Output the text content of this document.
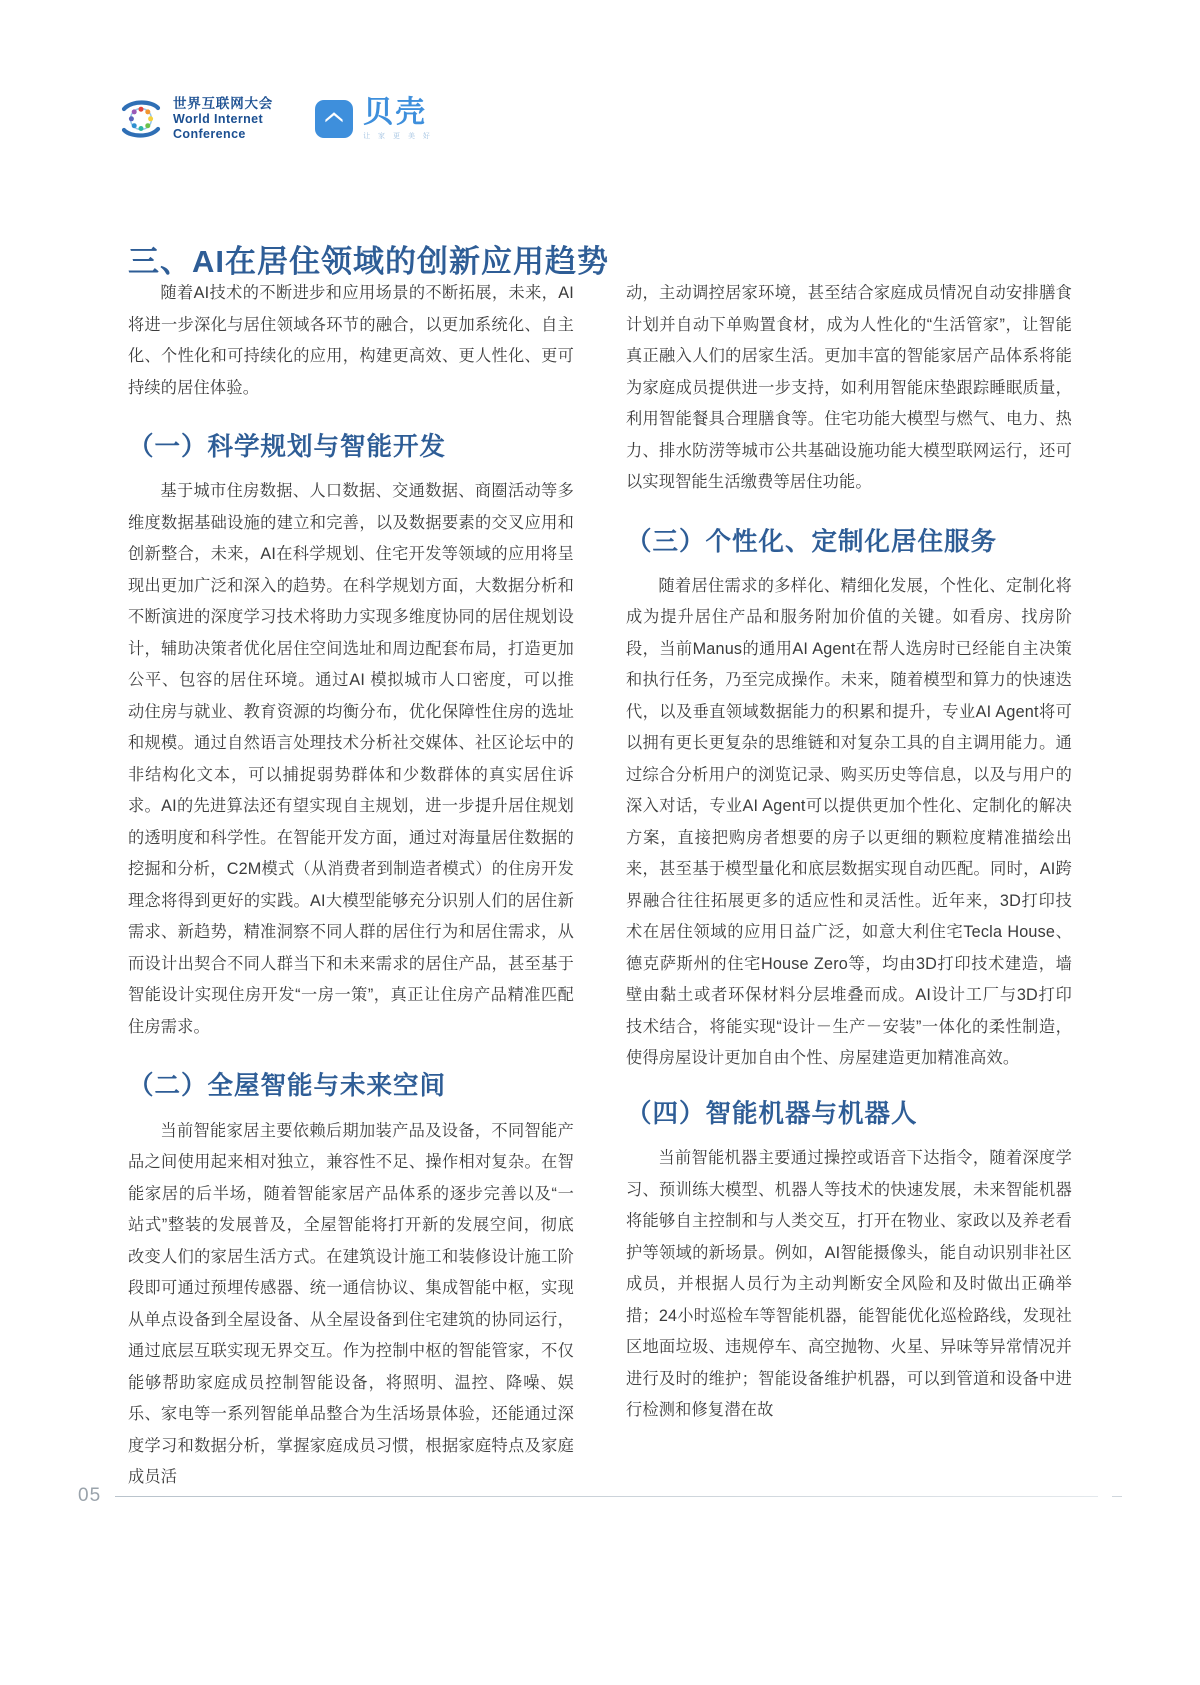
世界互联网大会
World Internet
Conference
贝壳
让 家 更 美 好
三、AI在居住领域的创新应用趋势

随着AI技术的不断进步和应用场景的不断拓展，未来，AI将进一步深化与居住领域各环节的融合，以更加系统化、自主化、个性化和可持续化的应用，构建更高效、更人性化、更可持续的居住体验。

（一）科学规划与智能开发

基于城市住房数据、人口数据、交通数据、商圈活动等多维度数据基础设施的建立和完善，以及数据要素的交叉应用和创新整合，未来，AI在科学规划、住宅开发等领域的应用将呈现出更加广泛和深入的趋势。在科学规划方面，大数据分析和不断演进的深度学习技术将助力实现多维度协同的居住规划设计，辅助决策者优化居住空间选址和周边配套布局，打造更加公平、包容的居住环境。通过AI 模拟城市人口密度，可以推动住房与就业、教育资源的均衡分布，优化保障性住房的选址和规模。通过自然语言处理技术分析社交媒体、社区论坛中的非结构化文本，可以捕捉弱势群体和少数群体的真实居住诉求。AI的先进算法还有望实现自主规划，进一步提升居住规划的透明度和科学性。在智能开发方面，通过对海量居住数据的挖掘和分析，C2M模式（从消费者到制造者模式）的住房开发理念将得到更好的实践。AI大模型能够充分识别人们的居住新需求、新趋势，精准洞察不同人群的居住行为和居住需求，从而设计出契合不同人群当下和未来需求的居住产品，甚至基于智能设计实现住房开发“一房一策”，真正让住房产品精准匹配住房需求。

（二）全屋智能与未来空间

当前智能家居主要依赖后期加装产品及设备，不同智能产品之间使用起来相对独立，兼容性不足、操作相对复杂。在智能家居的后半场，随着智能家居产品体系的逐步完善以及“一站式”整装的发展普及，全屋智能将打开新的发展空间，彻底改变人们的家居生活方式。在建筑设计施工和装修设计施工阶段即可通过预埋传感器、统一通信协议、集成智能中枢，实现从单点设备到全屋设备、从全屋设备到住宅建筑的协同运行，通过底层互联实现无界交互。作为控制中枢的智能管家，不仅能够帮助家庭成员控制智能设备，将照明、温控、降噪、娱乐、家电等一系列智能单品整合为生活场景体验，还能通过深度学习和数据分析，掌握家庭成员习惯，根据家庭特点及家庭成员活

动，主动调控居家环境，甚至结合家庭成员情况自动安排膳食计划并自动下单购置食材，成为人性化的“生活管家”，让智能真正融入人们的居家生活。更加丰富的智能家居产品体系将能为家庭成员提供进一步支持，如利用智能床垫跟踪睡眠质量，利用智能餐具合理膳食等。住宅功能大模型与燃气、电力、热力、排水防涝等城市公共基础设施功能大模型联网运行，还可以实现智能生活缴费等居住功能。

（三）个性化、定制化居住服务

随着居住需求的多样化、精细化发展，个性化、定制化将成为提升居住产品和服务附加价值的关键。如看房、找房阶段，当前Manus的通用AI Agent在帮人选房时已经能自主决策和执行任务，乃至完成操作。未来，随着模型和算力的快速迭代，以及垂直领域数据能力的积累和提升，专业AI Agent将可以拥有更长更复杂的思维链和对复杂工具的自主调用能力。通过综合分析用户的浏览记录、购买历史等信息，以及与用户的深入对话，专业AI Agent可以提供更加个性化、定制化的解决方案，直接把购房者想要的房子以更细的颗粒度精准描绘出来，甚至基于模型量化和底层数据实现自动匹配。同时，AI跨界融合往往拓展更多的适应性和灵活性。近年来，3D打印技术在居住领域的应用日益广泛，如意大利住宅Tecla House、德克萨斯州的住宅House Zero等，均由3D打印技术建造，墙壁由黏土或者环保材料分层堆叠而成。AI设计工厂与3D打印技术结合，将能实现“设计－生产－安装”一体化的柔性制造，使得房屋设计更加自由个性、房屋建造更加精准高效。

（四）智能机器与机器人

当前智能机器主要通过操控或语音下达指令，随着深度学习、预训练大模型、机器人等技术的快速发展，未来智能机器将能够自主控制和与人类交互，打开在物业、家政以及养老看护等领域的新场景。例如，AI智能摄像头，能自动识别非社区成员，并根据人员行为主动判断安全风险和及时做出正确举措；24小时巡检车等智能机器，能智能优化巡检路线，发现社区地面垃圾、违规停车、高空抛物、火星、异味等异常情况并进行及时的维护；智能设备维护机器，可以到管道和设备中进行检测和修复潜在故

05
